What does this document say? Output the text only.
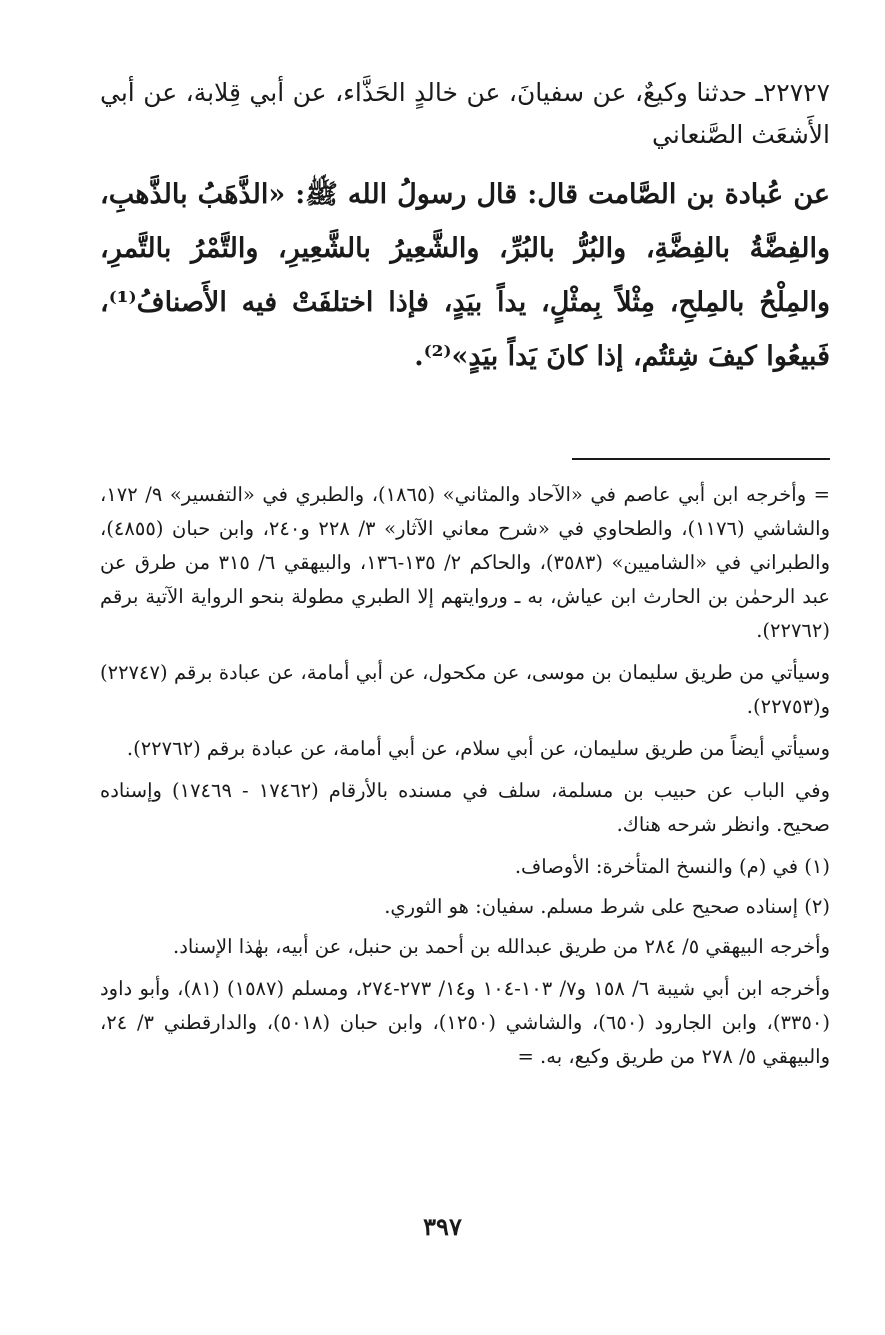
٢٢٧٢٧ـ حدثنا وكيعٌ، عن سفيانَ، عن خالدٍ الحَذَّاء، عن أبي قِلابة، عن أبي الأَشعَث الصَّنعاني

عن عُبادة بن الصَّامت قال: قال رسولُ الله ﷺ: «الذَّهَبُ بالذَّهبِ، والفِضَّةُ بالفِضَّةِ، والبُرُّ بالبُرِّ، والشَّعِيرُ بالشَّعِيرِ، والتَّمْرُ بالتَّمرِ، والمِلْحُ بالمِلحِ، مِثْلاً بِمثْلٍ، يداً بيَدٍ، فإذا اختلفَتْ فيه الأَصنافُ⁽¹⁾، فَبيعُوا كيفَ شِئتُم، إذا كانَ يَداً بيَدٍ»⁽²⁾.

= وأخرجه ابن أبي عاصم في «الآحاد والمثاني» (١٨٦٥)، والطبري في «التفسير» ٩/ ١٧٢، والشاشي (١١٧٦)، والطحاوي في «شرح معاني الآثار» ٣/ ٢٢٨ و٢٤٠، وابن حبان (٤٨٥٥)، والطبراني في «الشاميين» (٣٥٨٣)، والحاكم ٢/ ١٣٥-١٣٦، والبيهقي ٦/ ٣١٥ من طرق عن عبد الرحمٰن بن الحارث ابن عياش، به ـ وروايتهم إلا الطبري مطولة بنحو الرواية الآتية برقم (٢٢٧٦٢).

وسيأتي من طريق سليمان بن موسى، عن مكحول، عن أبي أمامة، عن عبادة برقم (٢٢٧٤٧) و(٢٢٧٥٣).

وسيأتي أيضاً من طريق سليمان، عن أبي سلام، عن أبي أمامة، عن عبادة برقم (٢٢٧٦٢).

وفي الباب عن حبيب بن مسلمة، سلف في مسنده بالأرقام (١٧٤٦٢ - ١٧٤٦٩) وإسناده صحيح. وانظر شرحه هناك.

(١) في (م) والنسخ المتأخرة: الأوصاف.

(٢) إسناده صحيح على شرط مسلم. سفيان: هو الثوري.

وأخرجه البيهقي ٥/ ٢٨٤ من طريق عبدالله بن أحمد بن حنبل، عن أبيه، بهٰذا الإسناد.

وأخرجه ابن أبي شيبة ٦/ ١٥٨ و٧/ ١٠٣-١٠٤ و١٤/ ٢٧٣-٢٧٤، ومسلم (١٥٨٧) (٨١)، وأبو داود (٣٣٥٠)، وابن الجارود (٦٥٠)، والشاشي (١٢٥٠)، وابن حبان (٥٠١٨)، والدارقطني ٣/ ٢٤، والبيهقي ٥/ ٢٧٨ من طريق وكيع، به. =

٣٩٧
